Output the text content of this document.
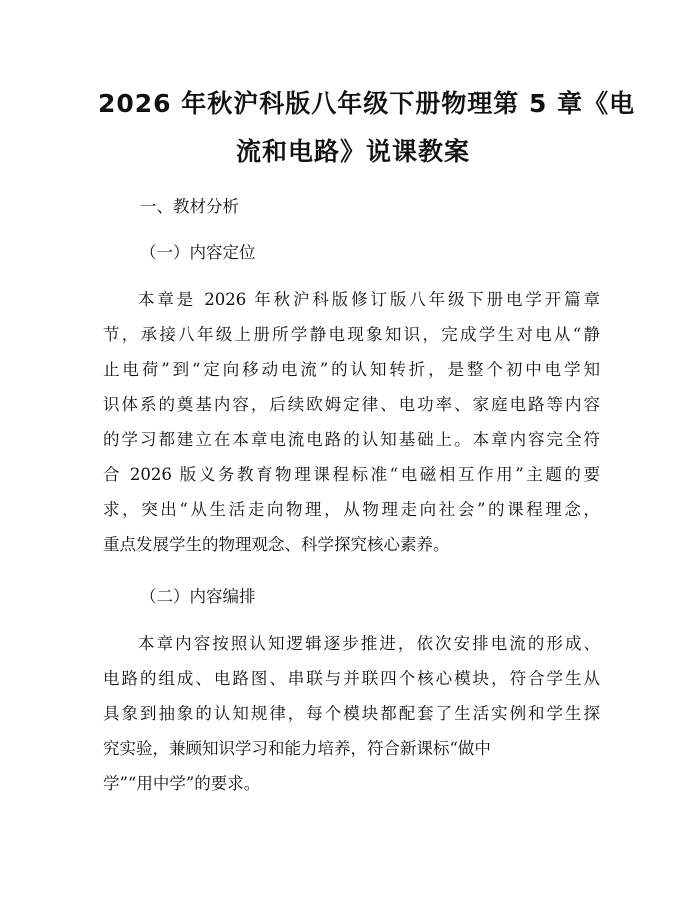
2026 年秋沪科版八年级下册物理第 5 章《电
流和电路》说课教案
一、教材分析
（一）内容定位
本章是 2026 年秋沪科版修订版八年级下册电学开篇章
节，承接八年级上册所学静电现象知识，完成学生对电从“静
止电荷”到“定向移动电流”的认知转折，是整个初中电学知
识体系的奠基内容，后续欧姆定律、电功率、家庭电路等内容
的学习都建立在本章电流电路的认知基础上。本章内容完全符
合 2026 版义务教育物理课程标准“电磁相互作用”主题的要
求，突出“从生活走向物理，从物理走向社会”的课程理念，
重点发展学生的物理观念、科学探究核心素养。
（二）内容编排
本章内容按照认知逻辑逐步推进，依次安排电流的形成、
电路的组成、电路图、串联与并联四个核心模块，符合学生从
具象到抽象的认知规律，每个模块都配套了生活实例和学生探
究实验，兼顾知识学习和能力培养，符合新课标“做中
学”“用中学”的要求。
